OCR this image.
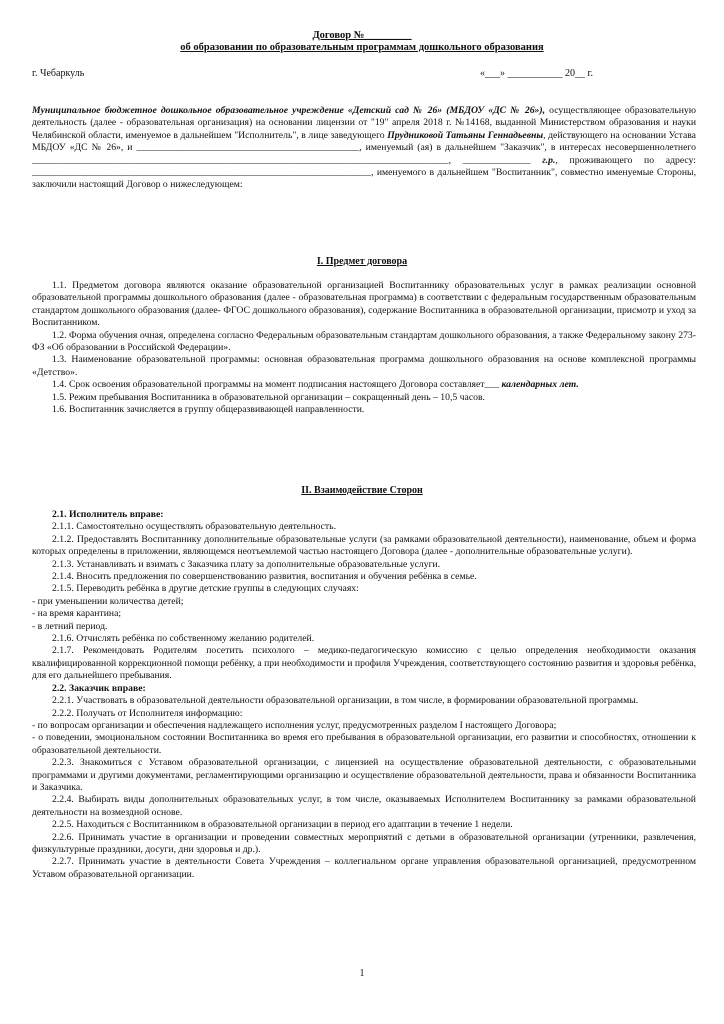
Договор №_________
об образовании по образовательным программам дошкольного образования
г. Чебаркуль	«___» ___________ 20__ г.

Муниципальное бюджетное дошкольное образовательное учреждение «Детский сад № 26» (МБДОУ «ДС № 26»), осуществляющее образовательную деятельность (далее - образовательная организация) на основании лицензии от "19" апреля 2018 г. №14168, выданной Министерством образования и науки Челябинской области, именуемое в дальнейшем "Исполнитель", в лице заведующего Прудниковой Татьяны Геннадьевны, действующего на основании Устава МБДОУ «ДС № 26», и ______________________________________________, именуемый (ая) в дальнейшем "Заказчик", в интересах несовершеннолетнего ______________________________________________________________________________________, ______________ г.р., проживающего по адресу: ______________________________________________________________________, именуемого в дальнейшем "Воспитанник", совместно именуемые Стороны, заключили настоящий Договор о нижеследующем:

I. Предмет договора

1.1. Предметом договора являются оказание образовательной организацией Воспитаннику образовательных услуг в рамках реализации основной образовательной программы дошкольного образования (далее - образовательная программа) в соответствии с федеральным государственным образовательным стандартом дошкольного образования (далее- ФГОС дошкольного образования), содержание Воспитанника в образовательной организации, присмотр и уход за Воспитанником.

1.2. Форма обучения очная, определена согласно Федеральным образовательным стандартам дошкольного образования, а также Федеральному закону 273-ФЗ «Об образовании в Российской Федерации».

1.3. Наименование образовательной программы: основная образовательная программа дошкольного образования на основе комплексной программы «Детство».

1.4. Срок освоения образовательной программы на момент подписания настоящего Договора составляет___ календарных лет.

1.5. Режим пребывания Воспитанника в образовательной организации – сокращенный день – 10,5 часов.

1.6. Воспитанник зачисляется в группу общеразвивающей направленности.

II. Взаимодействие Сторон

2.1. Исполнитель вправе:

2.1.1. Самостоятельно осуществлять образовательную деятельность.

2.1.2. Предоставлять Воспитаннику дополнительные образовательные услуги (за рамками образовательной деятельности), наименование, объем и форма которых определены в приложении, являющемся неотъемлемой частью настоящего Договора (далее - дополнительные образовательные услуги).

2.1.3. Устанавливать и взимать с Заказчика плату за дополнительные образовательные услуги.

2.1.4. Вносить предложения по совершенствованию развития, воспитания и обучения ребёнка в семье.

2.1.5. Переводить ребёнка в другие детские группы в следующих случаях:

- при уменьшении количества детей;

- на время карантина;

- в летний период.

2.1.6. Отчислять ребёнка по собственному желанию родителей.

2.1.7. Рекомендовать Родителям посетить психолого – медико-педагогическую комиссию с целью определения необходимости оказания квалифицированной коррекционной помощи ребёнку, а при необходимости и профиля Учреждения, соответствующего состоянию развития и здоровья ребёнка, для его дальнейшего пребывания.

2.2. Заказчик вправе:

2.2.1. Участвовать в образовательной деятельности образовательной организации, в том числе, в формировании образовательной программы.

2.2.2. Получать от Исполнителя информацию:

- по вопросам организации и обеспечения надлежащего исполнения услуг, предусмотренных разделом I настоящего Договора;

- о поведении, эмоциональном состоянии Воспитанника во время его пребывания в образовательной организации, его развитии и способностях, отношении к образовательной деятельности.

2.2.3. Знакомиться с Уставом образовательной организации, с лицензией на осуществление образовательной деятельности, с образовательными программами и другими документами, регламентирующими организацию и осуществление образовательной деятельности, права и обязанности Воспитанника и Заказчика.

2.2.4. Выбирать виды дополнительных образовательных услуг, в том числе, оказываемых Исполнителем Воспитаннику за рамками образовательной деятельности на возмездной основе.

2.2.5. Находиться с Воспитанником в образовательной организации в период его адаптации в течение 1 недели.

2.2.6. Принимать участие в организации и проведении совместных мероприятий с детьми в образовательной организации (утренники, развлечения, физкультурные праздники, досуги, дни здоровья и др.).

2.2.7. Принимать участие в деятельности Совета Учреждения – коллегиальном органе управления образовательной организацией, предусмотренном Уставом образовательной организации.

1
